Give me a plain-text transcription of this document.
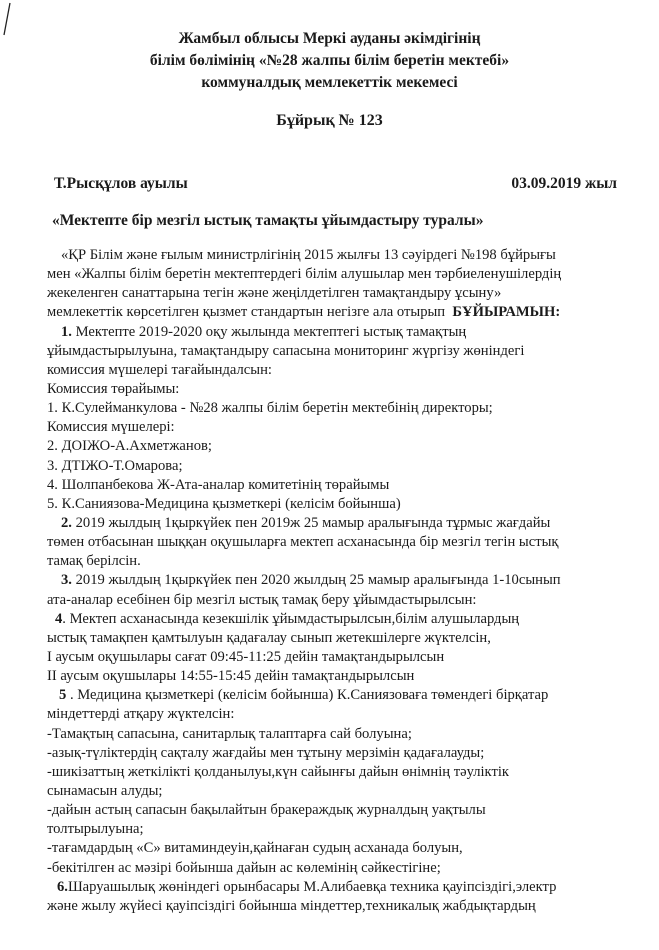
Жамбыл облысы Меркі ауданы әкімдігінің
білім бөлімінің «№28 жалпы білім беретін мектебі»
коммуналдық мемлекеттік мекемесі
Бұйрық № 123
Т.Рысқұлов ауылы	03.09.2019 жыл
«Мектепте бір мезгіл ыстық тамақты ұйымдастыру туралы»
«ҚР Білім және ғылым министрлігінің 2015 жылғы 13 сәуірдегі №198 бұйрығы
мен «Жалпы білім беретін мектептердегі білім алушылар мен тәрбиеленушілердің
жекеленген санаттарына тегін және жеңілдетілген тамақтандыру ұсыну»
мемлекеттік көрсетілген қызмет стандартын негізге ала отырып БҰЙЫРАМЫН:
1. Мектепте 2019-2020 оқу жылында мектептегі ыстық тамақтың
ұйымдастырылуына, тамақтандыру сапасына мониторинг жүргізу жөніндегі
комиссия мүшелері тағайындалсын:
Комиссия төрайымы:
1. К.Сулейманкулова - №28 жалпы білім беретін мектебінің директоры;
Комиссия мүшелері:
2. ДОІЖО-А.Ахметжанов;
3. ДТІЖО-Т.Омарова;
4. Шолпанбекова Ж-Ата-аналар комитетінің төрайымы
5. К.Саниязова-Медицина қызметкері (келісім бойынша)
2. 2019 жылдың 1қыркүйек пен 2019ж 25 мамыр аралығында тұрмыс жағдайы
төмен отбасынан шыққан оқушыларға мектеп асханасында бір мезгіл тегін ыстық
тамақ берілсін.
3. 2019 жылдың 1қыркүйек пен 2020 жылдың 25 мамыр аралығында 1-10сынып
ата-аналар есебінен бір мезгіл ыстық тамақ беру ұйымдастырылсын:
4. Мектеп асханасында кезекшілік ұйымдастырылсын,білім алушылардың
ыстық тамақпен қамтылуын қадағалау сынып жетекшілерге жүктелсін,
І аусым оқушылары сағат 09:45-11:25 дейін тамақтандырылсын
ІІ аусым оқушылары 14:55-15:45 дейін тамақтандырылсын
5 . Медицина қызметкері (келісім бойынша) К.Саниязоваға төмендегі бірқатар
міндеттерді атқару жүктелсін:
-Тамақтың сапасына, санитарлық талаптарға сай болуына;
-азық-түліктердің сақталу жағдайы мен тұтыну мерзімін қадағалауды;
-шикізаттың жеткілікті қолданылуы,күн сайынғы дайын өнімнің тәуліктік
сынамасын алуды;
-дайын астың сапасын бақылайтын бракераждық журналдың уақтылы
толтырылуына;
-тағамдардың «С» витаминдеуін,қайнаған судың асханада болуын,
-бекітілген ас мәзірі бойынша дайын ас көлемінің сәйкестігіне;
6.Шаруашылық жөніндегі орынбасары М.Алибаевқа техника қауіпсіздігі,электр
және жылу жүйесі қауіпсіздігі бойынша міндеттер,техникалық жабдықтардың
